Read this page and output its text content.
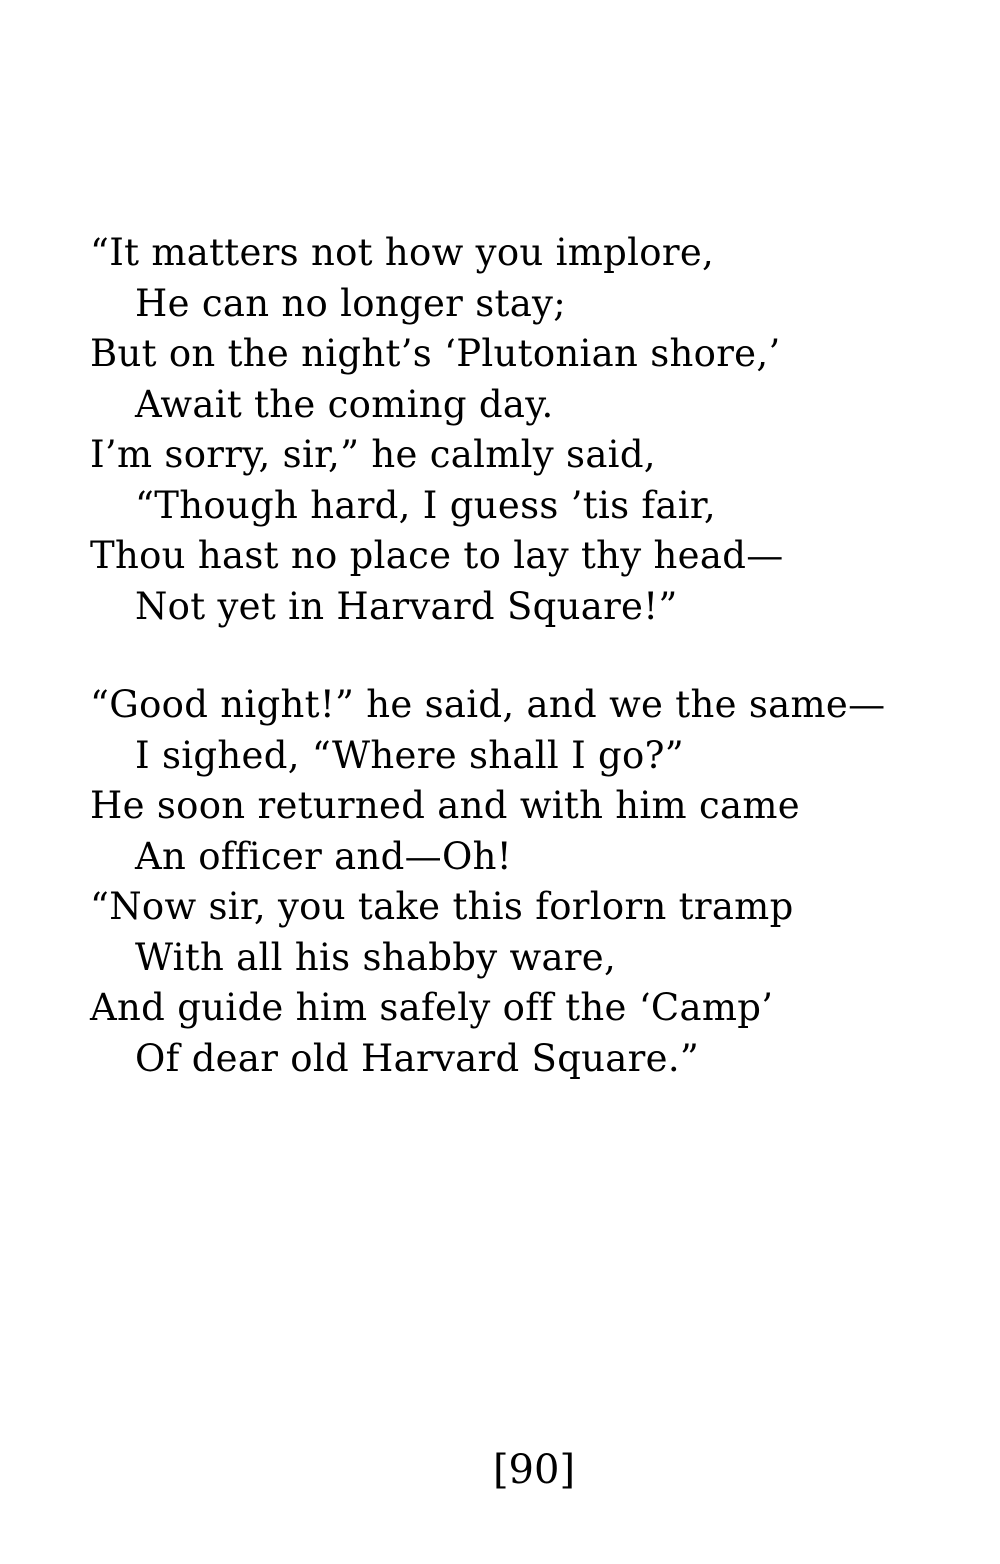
“It matters not how you implore,
He can no longer stay;
But on the night’s ‘Plutonian shore,’
Await the coming day.
I’m sorry, sir,” he calmly said,
“Though hard, I guess ’tis fair,
Thou hast no place to lay thy head—
Not yet in Harvard Square!”
“Good night!” he said, and we the same—
I sighed, “Where shall I go?”
He soon returned and with him came
An officer and—Oh!
“Now sir, you take this forlorn tramp
With all his shabby ware,
And guide him safely off the ‘Camp’
Of dear old Harvard Square.”
[90]
